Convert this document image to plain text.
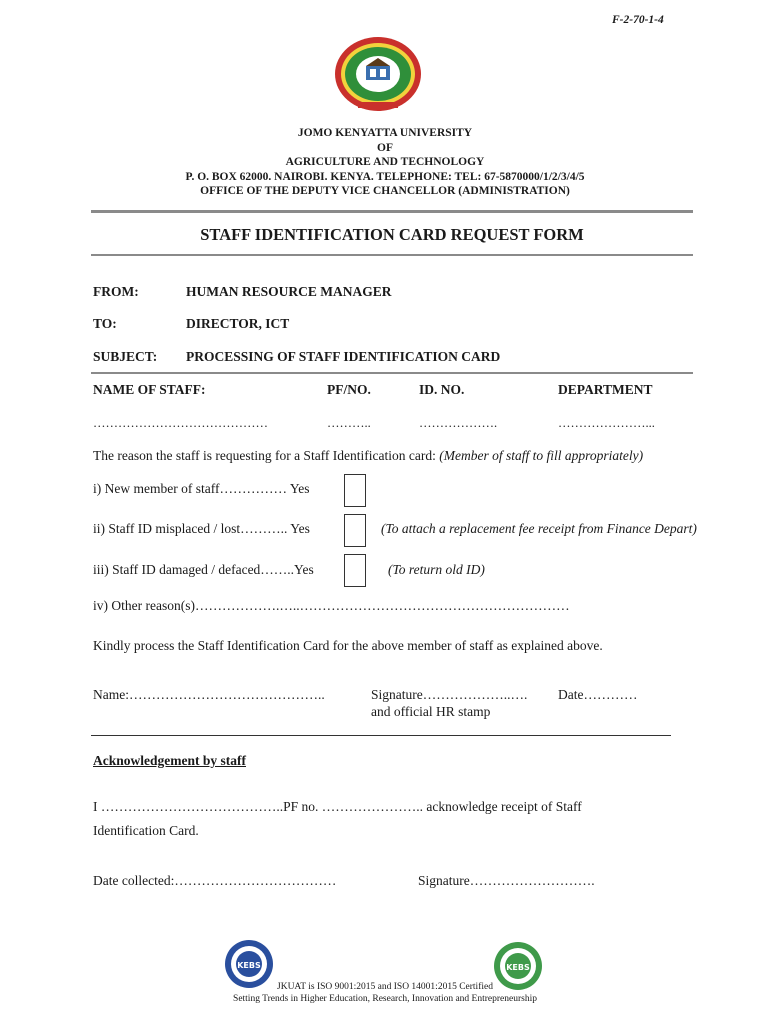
F-2-70-1-4
JOMO KENYATTA UNIVERSITY
OF
AGRICULTURE AND TECHNOLOGY
P. O. BOX 62000. NAIROBI. KENYA. TELEPHONE: TEL: 67-5870000/1/2/3/4/5
OFFICE OF THE DEPUTY VICE CHANCELLOR (ADMINISTRATION)
STAFF IDENTIFICATION CARD REQUEST FORM
FROM:	HUMAN RESOURCE MANAGER
TO:	DIRECTOR, ICT
SUBJECT: PROCESSING OF STAFF IDENTIFICATION CARD
NAME OF STAFF:	PF/NO.	ID. NO.	DEPARTMENT
……………………………………	………..	……………….	…………………...
The reason the staff is requesting for a Staff Identification card: (Member of staff to fill appropriately)
i) New member of staff…………… Yes
ii) Staff ID misplaced / lost……….. Yes	(To attach a replacement fee receipt from Finance Depart)
iii) Staff ID damaged / defaced……..Yes	(To return old ID)
iv) Other reason(s)……………….…..……………………………………………………
Kindly process the Staff Identification Card for the above member of staff as explained above.
Name:……………………………………..	Signature………………..…. Date…………
and official HR stamp
Acknowledgement by staff
I …………………………………..PF no. ………………….. acknowledge receipt of Staff
Identification Card.
Date collected:………………………………	Signature……………………….
KEBS	KEBS
JKUAT is ISO 9001:2015 and ISO 14001:2015 Certified
Setting Trends in Higher Education, Research, Innovation and Entrepreneurship
